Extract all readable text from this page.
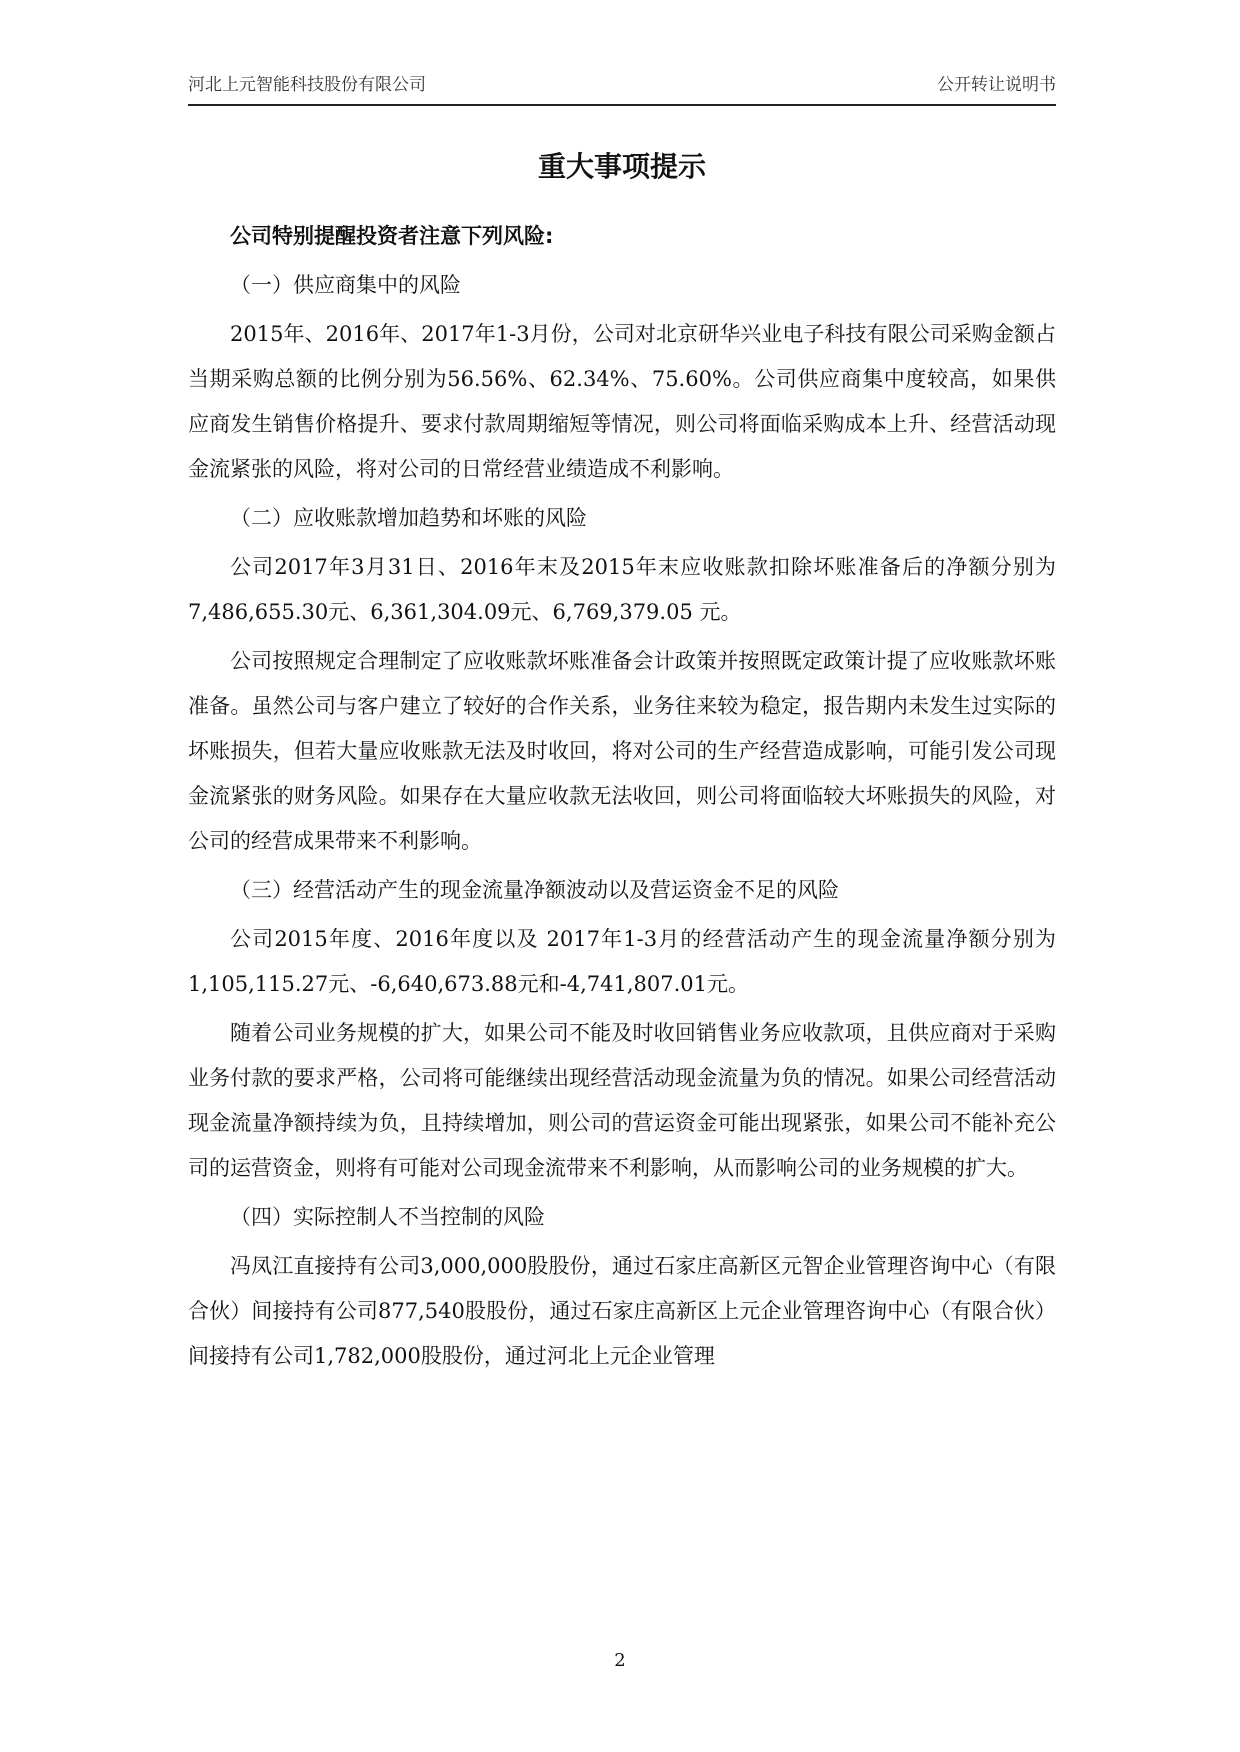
河北上元智能科技股份有限公司	公开转让说明书
重大事项提示

公司特别提醒投资者注意下列风险:

（一）供应商集中的风险

2015年、2016年、2017年1-3月份，公司对北京研华兴业电子科技有限公司采购金额占当期采购总额的比例分别为56.56%、62.34%、75.60%。公司供应商集中度较高，如果供应商发生销售价格提升、要求付款周期缩短等情况，则公司将面临采购成本上升、经营活动现金流紧张的风险，将对公司的日常经营业绩造成不利影响。

（二）应收账款增加趋势和坏账的风险

公司2017年3月31日、2016年末及2015年末应收账款扣除坏账准备后的净额分别为7,486,655.30元、6,361,304.09元、6,769,379.05 元。

公司按照规定合理制定了应收账款坏账准备会计政策并按照既定政策计提了应收账款坏账准备。虽然公司与客户建立了较好的合作关系，业务往来较为稳定，报告期内未发生过实际的坏账损失，但若大量应收账款无法及时收回，将对公司的生产经营造成影响，可能引发公司现金流紧张的财务风险。如果存在大量应收款无法收回，则公司将面临较大坏账损失的风险，对公司的经营成果带来不利影响。

（三）经营活动产生的现金流量净额波动以及营运资金不足的风险

公司2015年度、2016年度以及 2017年1-3月的经营活动产生的现金流量净额分别为1,105,115.27元、-6,640,673.88元和-4,741,807.01元。

随着公司业务规模的扩大，如果公司不能及时收回销售业务应收款项，且供应商对于采购业务付款的要求严格，公司将可能继续出现经营活动现金流量为负的情况。如果公司经营活动现金流量净额持续为负，且持续增加，则公司的营运资金可能出现紧张，如果公司不能补充公司的运营资金，则将有可能对公司现金流带来不利影响，从而影响公司的业务规模的扩大。

（四）实际控制人不当控制的风险

冯凤江直接持有公司3,000,000股股份，通过石家庄高新区元智企业管理咨询中心（有限合伙）间接持有公司877,540股股份，通过石家庄高新区上元企业管理咨询中心（有限合伙）间接持有公司1,782,000股股份，通过河北上元企业管理

2
